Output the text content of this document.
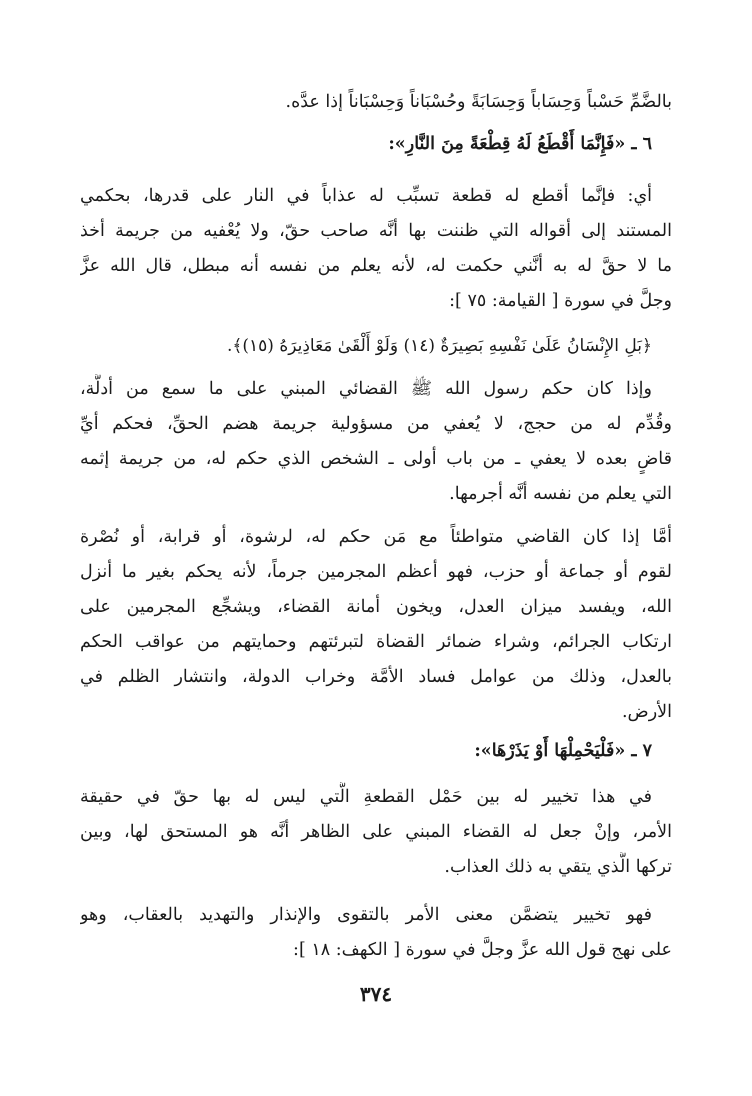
بالضَّمِّ حَسْباً وَحِسَاباً وَحِسَابَةً وحُسْبَاناً وَحِسْبَاناً إذا عدَّه.
٦ ـ «فَإِنَّمَا أَقْطَعُ لَهُ قِطْعَةً مِنَ النَّارِ»:
أي: فإنَّما أقطع له قطعة تسبِّب له عذاباً في النار على قدرها، بحكمي
المستند إلى أقواله التي ظننت بها أنَّه صاحب حقّ، ولا يُعْفيه من جريمة أخذ
ما لا حقَّ له به أنَّني حكمت له، لأنه يعلم من نفسه أنه مبطل، قال الله عزَّ
وجلَّ في سورة [ القيامة: ٧٥ ]:
﴿بَلِ الإِنْسَانُ عَلَىٰ نَفْسِهِ بَصِيرَةٌ (١٤) وَلَوْ أَلْقَىٰ مَعَاذِيرَهُ (١٥)﴾.
وإذا كان حكم رسول الله ﷺ القضائي المبني على ما سمع من أدلَّة،
وقُدِّم له من حجج، لا يُعفي من مسؤولية جريمة هضم الحقِّ، فحكم أيِّ
قاضٍ بعده لا يعفي ـ من باب أولى ـ الشخص الذي حكم له، من جريمة إثمه
التي يعلم من نفسه أنَّه أجرمها.
أمَّا إذا كان القاضي متواطئاً مع مَن حكم له، لرشوة، أو قرابة، أو نُصْرة
لقوم أو جماعة أو حزب، فهو أعظم المجرمين جرماً، لأنه يحكم بغير ما أنزل
الله، ويفسد ميزان العدل، ويخون أمانة القضاء، ويشجِّع المجرمين على
ارتكاب الجرائم، وشراء ضمائر القضاة لتبرئتهم وحمايتهم من عواقب الحكم
بالعدل، وذلك من عوامل فساد الأمَّة وخراب الدولة، وانتشار الظلم في
الأرض.
٧ ـ «فَلْيَحْمِلْهَا أَوْ يَذَرْهَا»:
في هذا تخيير له بين حَمْل القطعةِ الَّتي ليس له بها حقّ في حقيقة
الأمر، وإنْ جعل له القضاء المبني على الظاهر أنَّه هو المستحق لها، وبين
تركها الَّذي يتقي به ذلك العذاب.
فهو تخيير يتضمَّن معنى الأمر بالتقوى والإنذار والتهديد بالعقاب، وهو
على نهج قول الله عزَّ وجلَّ في سورة [ الكهف: ١٨ ]:
٣٧٤
